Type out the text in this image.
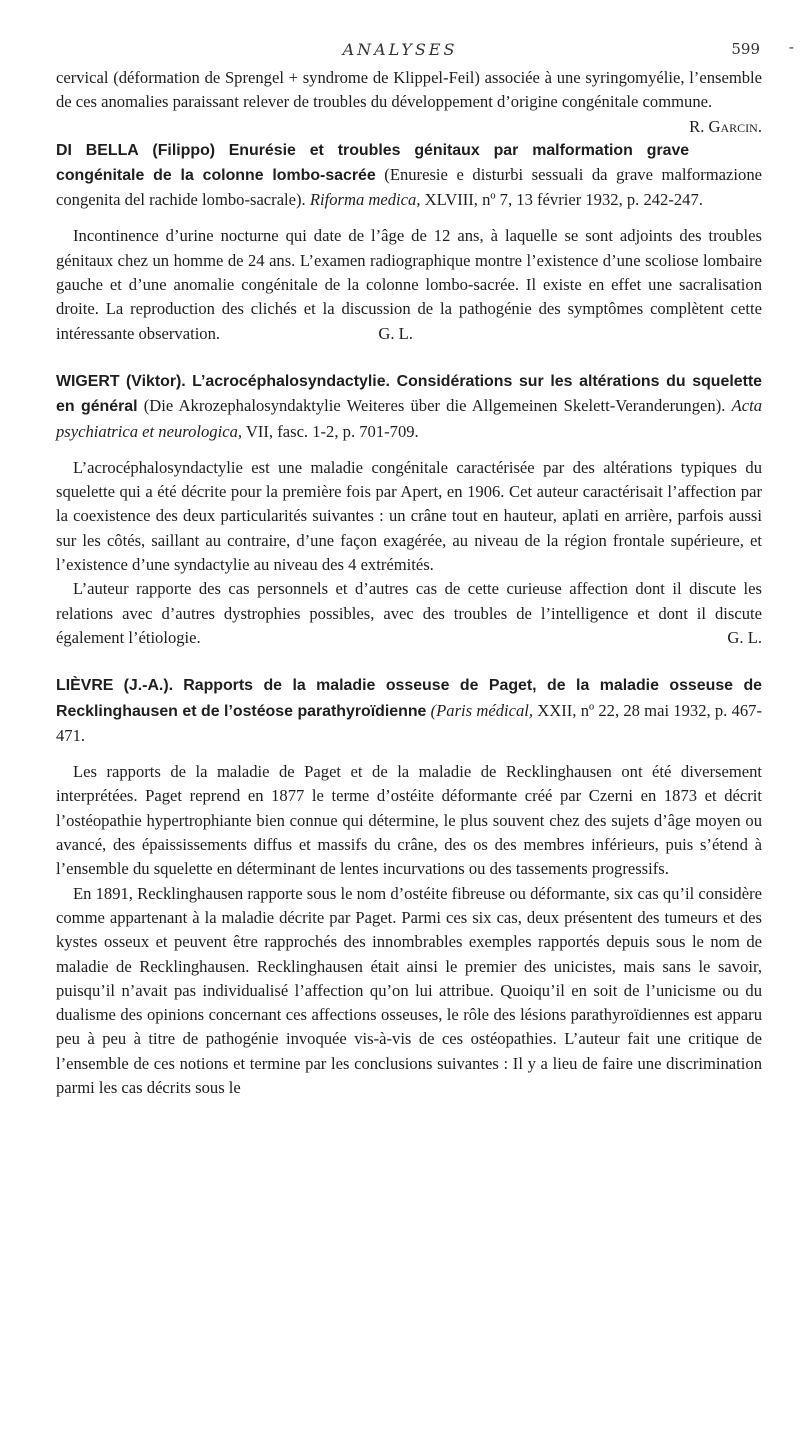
ANALYSES	599 -

cervical (déformation de Sprengel + syndrome de Klippel-Feil) associée à une syringomyélie, l’ensemble de ces anomalies paraissant relever de troubles du développement d’origine congénitale commune.
R. Garcin.

DI BELLA (Filippo) Enurésie et troubles génitaux par malformation grave congénitale de la colonne lombo-sacrée (Enuresie e disturbi sessuali da grave malformazione congenita del rachide lombo-sacrale). Riforma medica, XLVIII, nº 7, 13 février 1932, p. 242-247.

Incontinence d’urine nocturne qui date de l’âge de 12 ans, à laquelle se sont adjoints des troubles génitaux chez un homme de 24 ans. L’examen radiographique montre l’existence d’une scoliose lombaire gauche et d’une anomalie congénitale de la colonne lombo-sacrée. Il existe en effet une sacralisation droite. La reproduction des clichés et la discussion de la pathogénie des symptômes complètent cette intéressante observation.	G. L.

WIGERT (Viktor). L’acrocéphalosyndactylie. Considérations sur les altérations du squelette en général (Die Akrozephalosyndaktylie Weiteres über die Allgemeinen Skelett-Veranderungen). Acta psychiatrica et neurologica, VII, fasc. 1-2, p. 701-709.

L’acrocéphalosyndactylie est une maladie congénitale caractérisée par des altérations typiques du squelette qui a été décrite pour la première fois par Apert, en 1906. Cet auteur caractérisait l’affection par la coexistence des deux particularités suivantes : un crâne tout en hauteur, aplati en arrière, parfois aussi sur les côtés, saillant au contraire, d’une façon exagérée, au niveau de la région frontale supérieure, et l’existence d’une syndactylie au niveau des 4 extrémités.

L’auteur rapporte des cas personnels et d’autres cas de cette curieuse affection dont il discute les relations avec d’autres dystrophies possibles, avec des troubles de l’intelligence et dont il discute également l’étiologie.	G. L.

LIÈVRE (J.-A.). Rapports de la maladie osseuse de Paget, de la maladie osseuse de Recklinghausen et de l’ostéose parathyroïdienne (Paris médical, XXII, nº 22, 28 mai 1932, p. 467-471.

Les rapports de la maladie de Paget et de la maladie de Recklinghausen ont été diversement interprétées. Paget reprend en 1877 le terme d’ostéite déformante créé par Czerni en 1873 et décrit l’ostéopathie hypertrophiante bien connue qui détermine, le plus souvent chez des sujets d’âge moyen ou avancé, des épaississements diffus et massifs du crâne, des os des membres inférieurs, puis s’étend à l’ensemble du squelette en déterminant de lentes incurvations ou des tassements progressifs.

En 1891, Recklinghausen rapporte sous le nom d’ostéite fibreuse ou déformante, six cas qu’il considère comme appartenant à la maladie décrite par Paget. Parmi ces six cas, deux présentent des tumeurs et des kystes osseux et peuvent être rapprochés des innombrables exemples rapportés depuis sous le nom de maladie de Recklinghausen. Recklinghausen était ainsi le premier des unicistes, mais sans le savoir, puisqu’il n’avait pas individualisé l’affection qu’on lui attribue. Quoiqu’il en soit de l’unicisme ou du dualisme des opinions concernant ces affections osseuses, le rôle des lésions parathyroïdiennes est apparu peu à peu à titre de pathogénie invoquée vis-à-vis de ces ostéopathies. L’auteur fait une critique de l’ensemble de ces notions et termine par les conclusions suivantes : Il y a lieu de faire une discrimination parmi les cas décrits sous le
